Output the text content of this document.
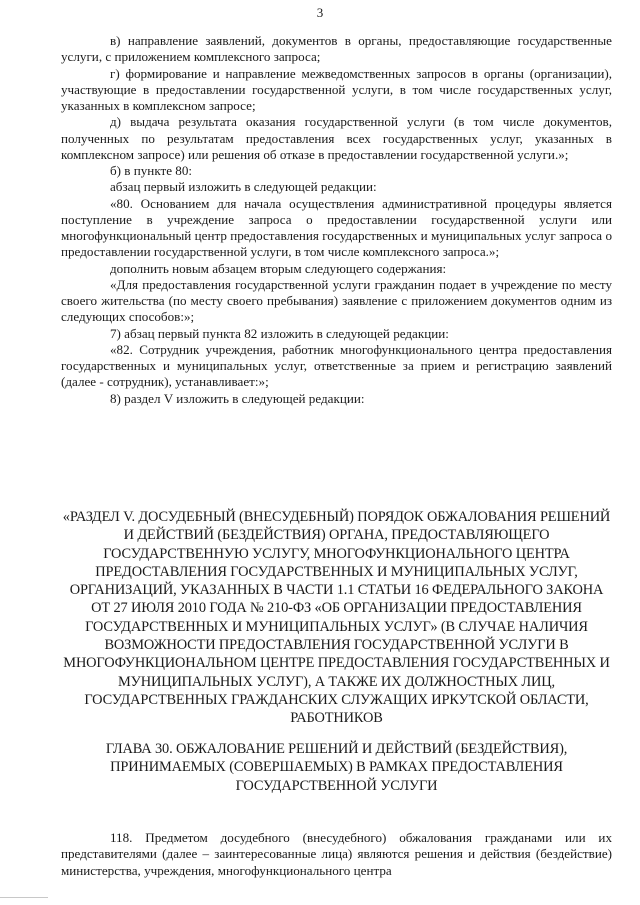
3

в) направление заявлений, документов в органы, предоставляющие государственные услуги, с приложением комплексного запроса;

г) формирование и направление межведомственных запросов в органы (организации), участвующие в предоставлении государственной услуги, в том числе государственных услуг, указанных в комплексном запросе;

д) выдача результата оказания государственной услуги (в том числе документов, полученных по результатам предоставления всех государственных услуг, указанных в комплексном запросе) или решения об отказе в предоставлении государственной услуги.»;

б) в пункте 80:

абзац первый изложить в следующей редакции:

«80. Основанием для начала осуществления административной процедуры является поступление в учреждение запроса о предоставлении государственной услуги или многофункциональный центр предоставления государственных и муниципальных услуг запроса о предоставлении государственной услуги, в том числе комплексного запроса.»;

дополнить новым абзацем вторым следующего содержания:

«Для предоставления государственной услуги гражданин подает в учреждение по месту своего жительства (по месту своего пребывания) заявление с приложением документов одним из следующих способов:»;

7) абзац первый пункта 82 изложить в следующей редакции:

«82. Сотрудник учреждения, работник многофункционального центра предоставления государственных и муниципальных услуг, ответственные за прием и регистрацию заявлений (далее - сотрудник), устанавливает:»;

8) раздел V изложить в следующей редакции:

«РАЗДЕЛ V. ДОСУДЕБНЫЙ (ВНЕСУДЕБНЫЙ) ПОРЯДОК ОБЖАЛОВАНИЯ РЕШЕНИЙ И ДЕЙСТВИЙ (БЕЗДЕЙСТВИЯ) ОРГАНА, ПРЕДОСТАВЛЯЮЩЕГО ГОСУДАРСТВЕННУЮ УСЛУГУ, МНОГОФУНКЦИОНАЛЬНОГО ЦЕНТРА ПРЕДОСТАВЛЕНИЯ ГОСУДАРСТВЕННЫХ И МУНИЦИПАЛЬНЫХ УСЛУГ, ОРГАНИЗАЦИЙ, УКАЗАННЫХ В ЧАСТИ 1.1 СТАТЬИ 16 ФЕДЕРАЛЬНОГО ЗАКОНА ОТ 27 ИЮЛЯ 2010 ГОДА № 210-ФЗ «ОБ ОРГАНИЗАЦИИ ПРЕДОСТАВЛЕНИЯ ГОСУДАРСТВЕННЫХ И МУНИЦИПАЛЬНЫХ УСЛУГ» (В СЛУЧАЕ НАЛИЧИЯ ВОЗМОЖНОСТИ ПРЕДОСТАВЛЕНИЯ ГОСУДАРСТВЕННОЙ УСЛУГИ В МНОГОФУНКЦИОНАЛЬНОМ ЦЕНТРЕ ПРЕДОСТАВЛЕНИЯ ГОСУДАРСТВЕННЫХ И МУНИЦИПАЛЬНЫХ УСЛУГ), А ТАКЖЕ ИХ ДОЛЖНОСТНЫХ ЛИЦ, ГОСУДАРСТВЕННЫХ ГРАЖДАНСКИХ СЛУЖАЩИХ ИРКУТСКОЙ ОБЛАСТИ, РАБОТНИКОВ
ГЛАВА 30. ОБЖАЛОВАНИЕ РЕШЕНИЙ И ДЕЙСТВИЙ (БЕЗДЕЙСТВИЯ), ПРИНИМАЕМЫХ (СОВЕРШАЕМЫХ) В РАМКАХ ПРЕДОСТАВЛЕНИЯ ГОСУДАРСТВЕННОЙ УСЛУГИ

118. Предметом досудебного (внесудебного) обжалования гражданами или их представителями (далее – заинтересованные лица) являются решения и действия (бездействие) министерства, учреждения, многофункционального центра
